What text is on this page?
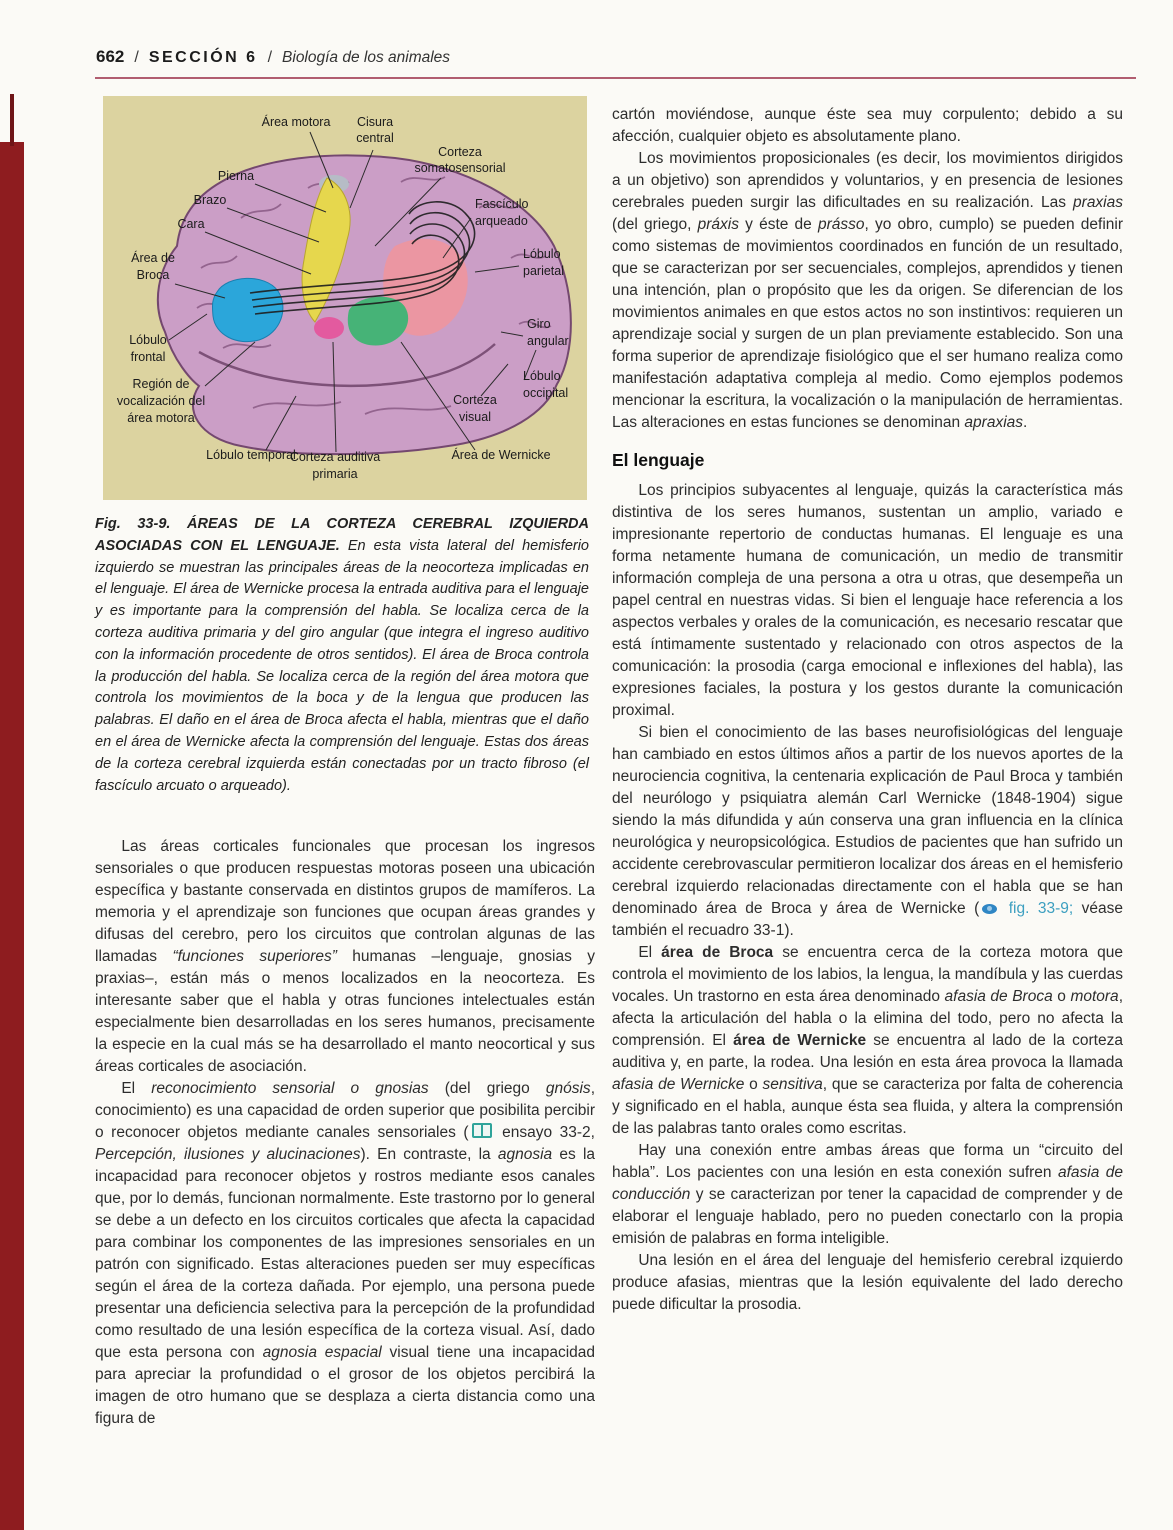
662 / SECCIÓN 6 / Biología de los animales
Área motora Cisura
central
Corteza
somatosensorial
Pierna
Brazo
Cara
Fascículo
arqueado
Área de
Broca
Lóbulo
parietal
Lóbulo
frontal
Giro
angular
Lóbulo
occipital
Corteza
visual
Región de
vocalización del
área motora
Lóbulo temporal
Corteza auditiva
primaria
Área de Wernicke
Fig. 33-9. ÁREAS DE LA CORTEZA CEREBRAL IZQUIERDA ASOCIADAS CON EL LENGUAJE. En esta vista lateral del hemisferio izquierdo se muestran las principales áreas de la neocorteza implicadas en el lenguaje. El área de Wernicke procesa la entrada auditiva para el lenguaje y es importante para la comprensión del habla. Se localiza cerca de la corteza auditiva primaria y del giro angular (que integra el ingreso auditivo con la información procedente de otros sentidos). El área de Broca controla la producción del habla. Se localiza cerca de la región del área motora que controla los movimientos de la boca y de la lengua que producen las palabras. El daño en el área de Broca afecta el habla, mientras que el daño en el área de Wernicke afecta la comprensión del lenguaje. Estas dos áreas de la corteza cerebral izquierda están conectadas por un tracto fibroso (el fascículo arcuato o arqueado).

Las áreas corticales funcionales que procesan los ingresos sensoriales o que producen respuestas motoras poseen una ubicación específica y bastante conservada en distintos grupos de mamíferos. La memoria y el aprendizaje son funciones que ocupan áreas grandes y difusas del cerebro, pero los circuitos que controlan algunas de las llamadas “funciones superiores” humanas –lenguaje, gnosias y praxias–, están más o menos localizados en la neocorteza. Es interesante saber que el habla y otras funciones intelectuales están especialmente bien desarrolladas en los seres humanos, precisamente la especie en la cual más se ha desarrollado el manto neocortical y sus áreas corticales de asociación.

El reconocimiento sensorial o gnosias (del griego gnósis, conocimiento) es una capacidad de orden superior que posibilita percibir o reconocer objetos mediante canales sensoriales ( ensayo 33-2, Percepción, ilusiones y alucinaciones). En contraste, la agnosia es la incapacidad para reconocer objetos y rostros mediante esos canales que, por lo demás, funcionan normalmente. Este trastorno por lo general se debe a un defecto en los circuitos corticales que afecta la capacidad para combinar los componentes de las impresiones sensoriales en un patrón con significado. Estas alteraciones pueden ser muy específicas según el área de la corteza dañada. Por ejemplo, una persona puede presentar una deficiencia selectiva para la percepción de la profundidad como resultado de una lesión específica de la corteza visual. Así, dado que esta persona con agnosia espacial visual tiene una incapacidad para apreciar la profundidad o el grosor de los objetos percibirá la imagen de otro humano que se desplaza a cierta distancia como una figura de

cartón moviéndose, aunque éste sea muy corpulento; debido a su afección, cualquier objeto es absolutamente plano.

Los movimientos proposicionales (es decir, los movimientos dirigidos a un objetivo) son aprendidos y voluntarios, y en presencia de lesiones cerebrales pueden surgir las dificultades en su realización. Las praxias (del griego, práxis y éste de prásso, yo obro, cumplo) se pueden definir como sistemas de movimientos coordinados en función de un resultado, que se caracterizan por ser secuenciales, complejos, aprendidos y tienen una intención, plan o propósito que les da origen. Se diferencian de los movimientos animales en que estos actos no son instintivos: requieren un aprendizaje social y surgen de un plan previamente establecido. Son una forma superior de aprendizaje fisiológico que el ser humano realiza como manifestación adaptativa compleja al medio. Como ejemplos podemos mencionar la escritura, la vocalización o la manipulación de herramientas. Las alteraciones en estas funciones se denominan apraxias.

El lenguaje

Los principios subyacentes al lenguaje, quizás la característica más distintiva de los seres humanos, sustentan un amplio, variado e impresionante repertorio de conductas humanas. El lenguaje es una forma netamente humana de comunicación, un medio de transmitir información compleja de una persona a otra u otras, que desempeña un papel central en nuestras vidas. Si bien el lenguaje hace referencia a los aspectos verbales y orales de la comunicación, es necesario rescatar que está íntimamente sustentado y relacionado con otros aspectos de la comunicación: la prosodia (carga emocional e inflexiones del habla), las expresiones faciales, la postura y los gestos durante la comunicación proximal.

Si bien el conocimiento de las bases neurofisiológicas del lenguaje han cambiado en estos últimos años a partir de los nuevos aportes de la neurociencia cognitiva, la centenaria explicación de Paul Broca y también del neurólogo y psiquiatra alemán Carl Wernicke (1848-1904) sigue siendo la más difundida y aún conserva una gran influencia en la clínica neurológica y neuropsicológica. Estudios de pacientes que han sufrido un accidente cerebrovascular permitieron localizar dos áreas en el hemisferio cerebral izquierdo relacionadas directamente con el habla que se han denominado área de Broca y área de Wernicke ( fig. 33-9; véase también el recuadro 33-1).

El área de Broca se encuentra cerca de la corteza motora que controla el movimiento de los labios, la lengua, la mandíbula y las cuerdas vocales. Un trastorno en esta área denominado afasia de Broca o motora, afecta la articulación del habla o la elimina del todo, pero no afecta la comprensión. El área de Wernicke se encuentra al lado de la corteza auditiva y, en parte, la rodea. Una lesión en esta área provoca la llamada afasia de Wernicke o sensitiva, que se caracteriza por falta de coherencia y significado en el habla, aunque ésta sea fluida, y altera la comprensión de las palabras tanto orales como escritas.

Hay una conexión entre ambas áreas que forma un “circuito del habla”. Los pacientes con una lesión en esta conexión sufren afasia de conducción y se caracterizan por tener la capacidad de comprender y de elaborar el lenguaje hablado, pero no pueden conectarlo con la propia emisión de palabras en forma inteligible.

Una lesión en el área del lenguaje del hemisferio cerebral izquierdo produce afasias, mientras que la lesión equivalente del lado derecho puede dificultar la prosodia.
